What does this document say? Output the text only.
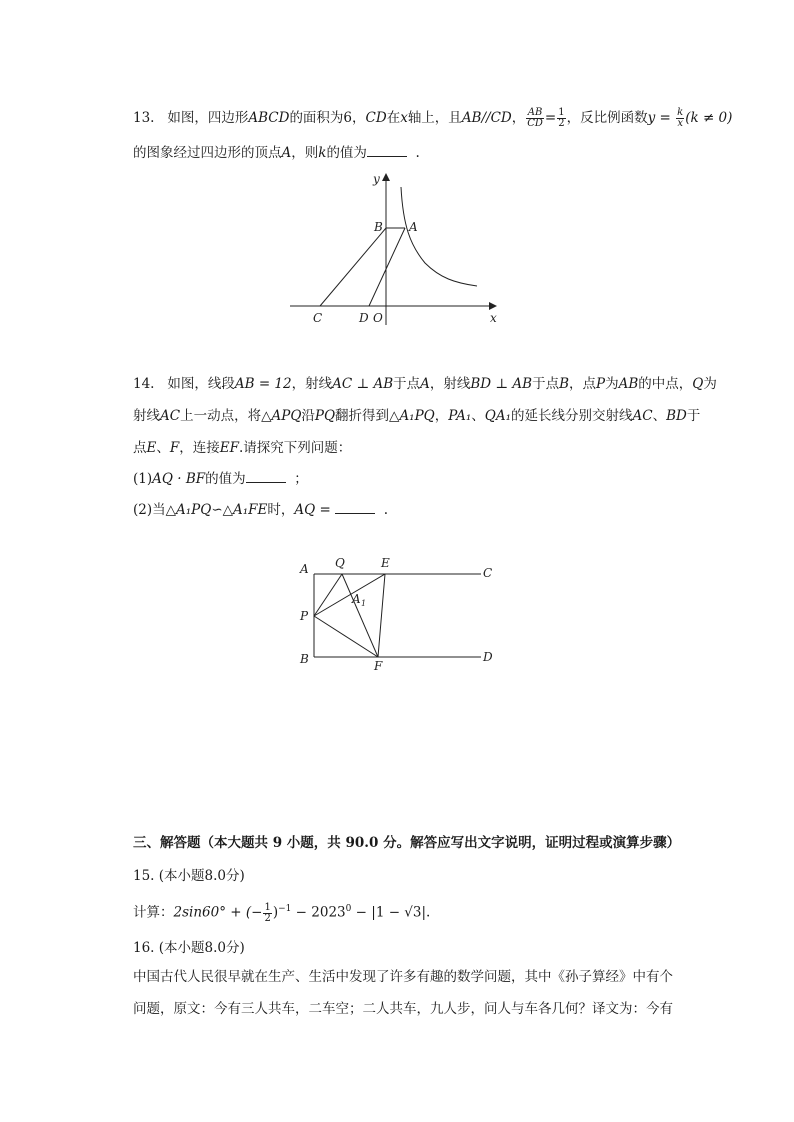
13. 如图，四边形ABCD的面积为6，CD在x轴上，且AB//CD， $\frac{AB}{CD} = \frac{1}{2}$ ，反比例函数$y = \frac{k}{x} (k \ne 0)$
的图象经过四边形的顶点A，则k的值为	.
y
x
B A
C	D O
14. 如图，线段AB = 12，射线AC ⊥ AB于点A，射线BD ⊥ AB于点B，点P为AB的中点，Q为
射线AC上一动点，将△APQ沿PQ翻折得到△A₁PQ，PA₁、QA₁的延长线分别交射线AC、BD于
点E、F，连接EF.请探究下列问题：
(1)AQ · BF的值为	；
(2)当△A₁PQ∽△A₁FE时，AQ =	.
A Q	E
C
A 1
P
B	F
D
三、解答题（本大题共 9 小题，共 90.0 分。解答应写出文字说明，证明过程或演算步骤）
15. (本小题8.0分)
计算：2sin60° + (− $\frac{1}{2} )^{-1} - 2023^0 - |1 - √3|$.
16. (本小题8.0分)
中国古代人民很早就在生产、生活中发现了许多有趣的数学问题，其中《孙子算经》中有个
问题，原文：今有三人共车，二车空；二人共车，九人步，问人与车各几何？译文为：今有
